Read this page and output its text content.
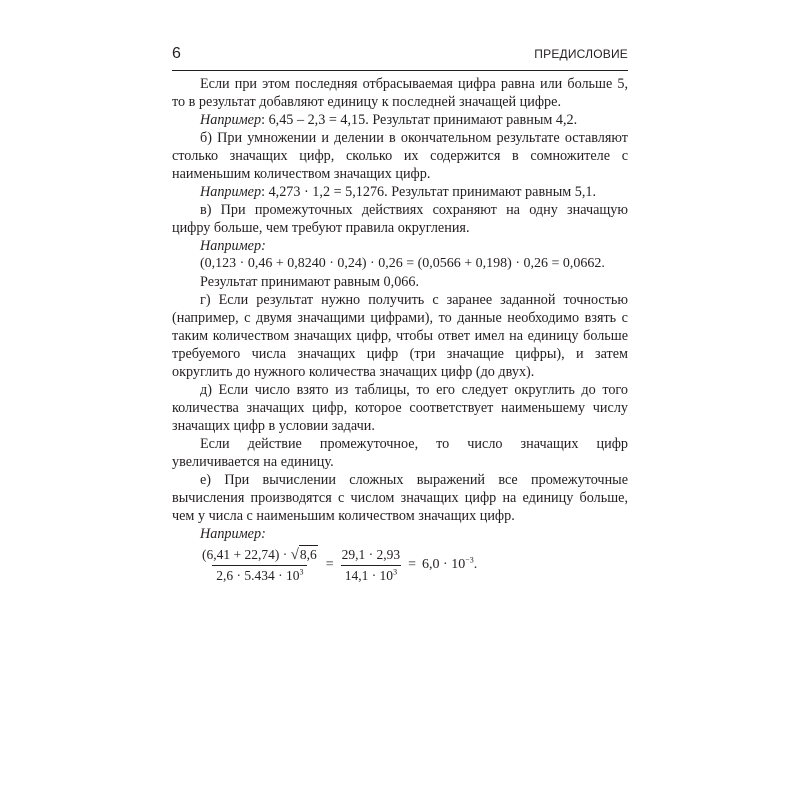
6	ПРЕДИСЛОВИЕ

Если при этом последняя отбрасываемая цифра равна или больше 5, то в результат добавляют единицу к последней значащей цифре.

Например: 6,45 – 2,3 = 4,15. Результат принимают равным 4,2.

б) При умножении и делении в окончательном результате оставляют столько значащих цифр, сколько их содержится в сомножителе с наименьшим количеством значащих цифр.

Например: 4,273 · 1,2 = 5,1276. Результат принимают равным 5,1.

в) При промежуточных действиях сохраняют на одну значащую цифру больше, чем требуют правила округления.

Например:

(0,123 · 0,46 + 0,8240 · 0,24) · 0,26 = (0,0566 + 0,198) · 0,26 = 0,0662.

Результат принимают равным 0,066.

г) Если результат нужно получить с заранее заданной точностью (например, с двумя значащими цифрами), то данные необходимо взять с таким количеством значащих цифр, чтобы ответ имел на единицу больше требуемого числа значащих цифр (три значащие цифры), и затем округлить до нужного количества значащих цифр (до двух).

д) Если число взято из таблицы, то его следует округлить до того количества значащих цифр, которое соответствует наименьшему числу значащих цифр в условии задачи.

Если действие промежуточное, то число значащих цифр увеличивается на единицу.

е) При вычислении сложных выражений все промежуточные вычисления производятся с числом значащих цифр на единицу больше, чем у числа с наименьшим количеством значащих цифр.

Например:

$\frac{(6,41 + 22,74) \cdot √ 8,6}{2,6 \cdot 5.434 \cdot 10^3} = \frac{29,1 \cdot 2,93}{14,1 \cdot 10^3} = 6,0 \cdot 10^{-3}$.
